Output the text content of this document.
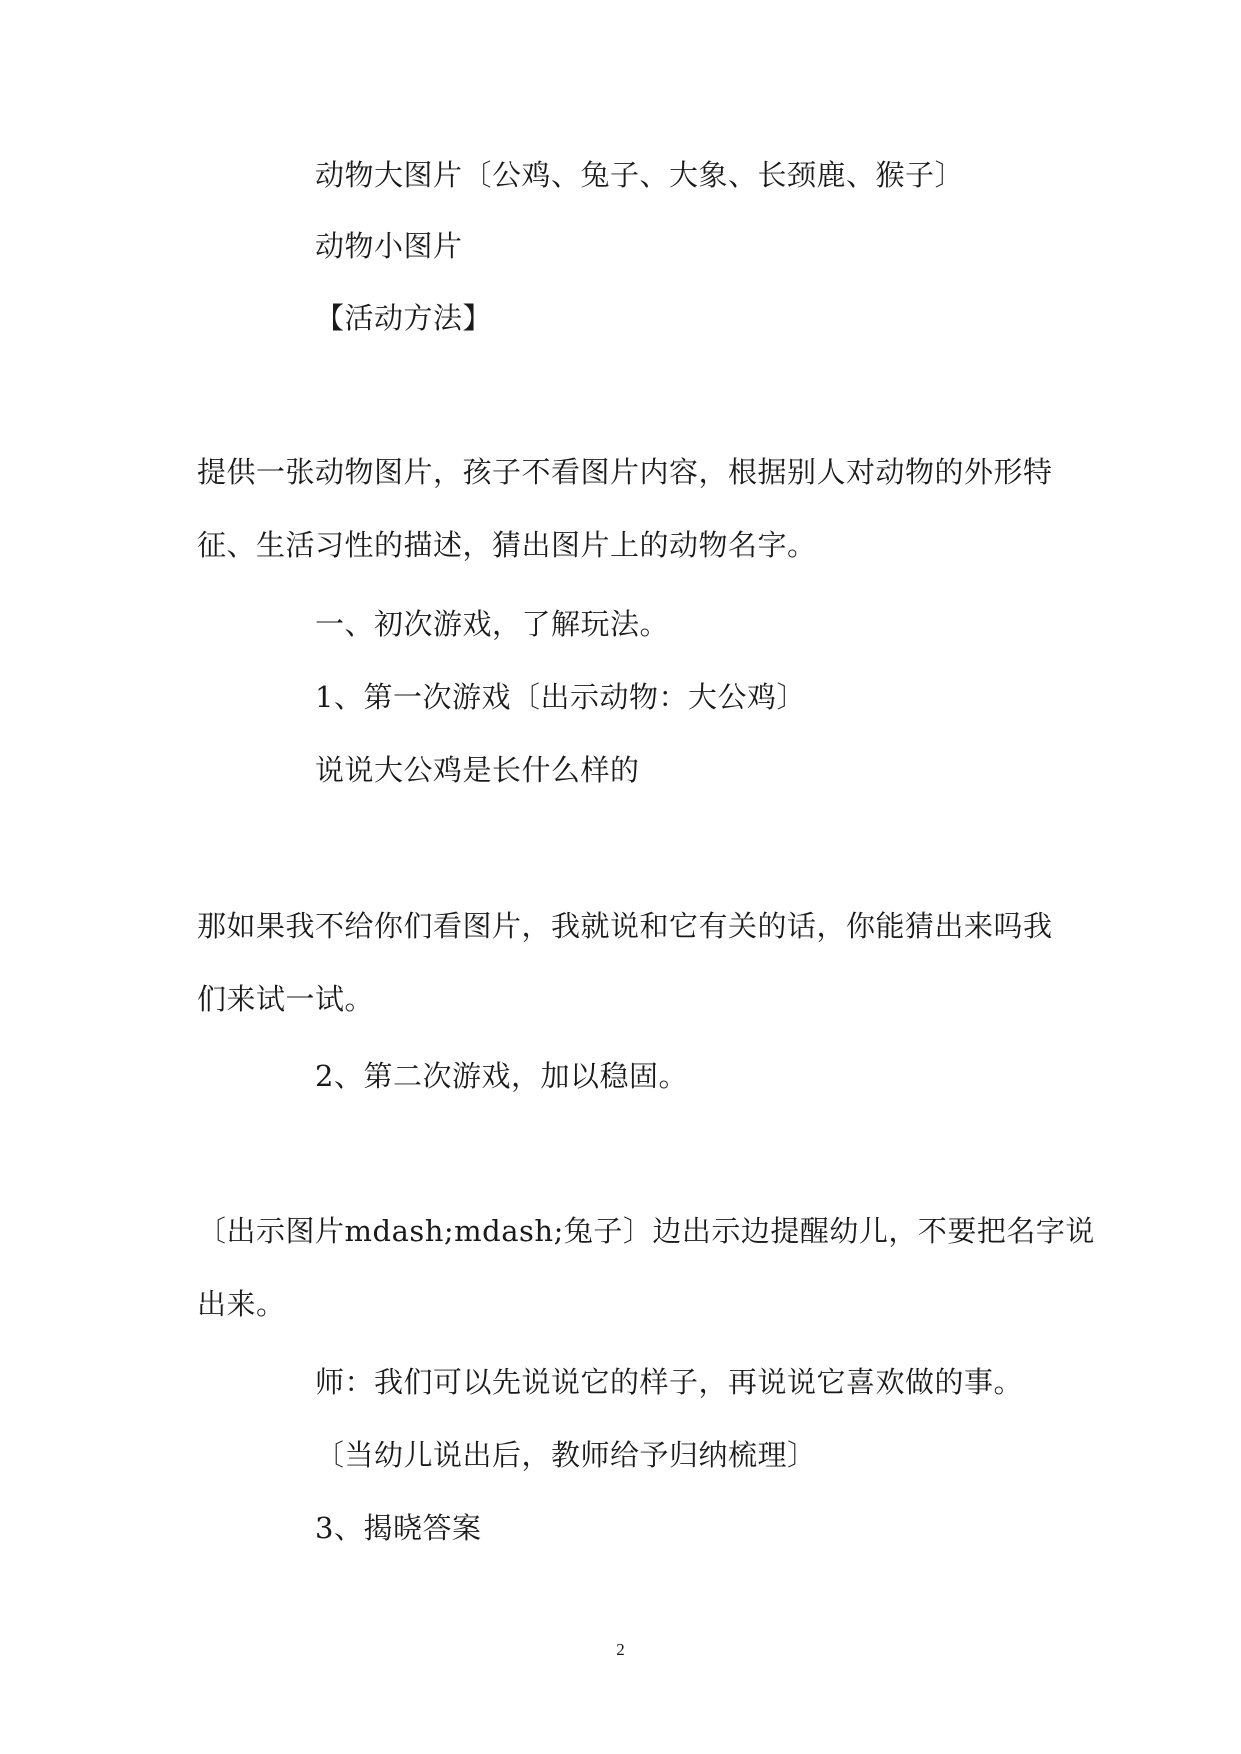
动物大图片〔公鸡、兔子、大象、长颈鹿、猴子〕
动物小图片
【活动方法】
提供一张动物图片，孩子不看图片内容，根据别人对动物的外形特
征、生活习性的描述，猜出图片上的动物名字。
一、初次游戏，了解玩法。
1、第一次游戏〔出示动物：大公鸡〕
说说大公鸡是长什么样的
那如果我不给你们看图片，我就说和它有关的话，你能猜出来吗我
们来试一试。
2、第二次游戏，加以稳固。
〔出示图片mdash;mdash;兔子〕边出示边提醒幼儿，不要把名字说
出来。
师：我们可以先说说它的样子，再说说它喜欢做的事。
〔当幼儿说出后，教师给予归纳梳理〕
3、揭晓答案
2
